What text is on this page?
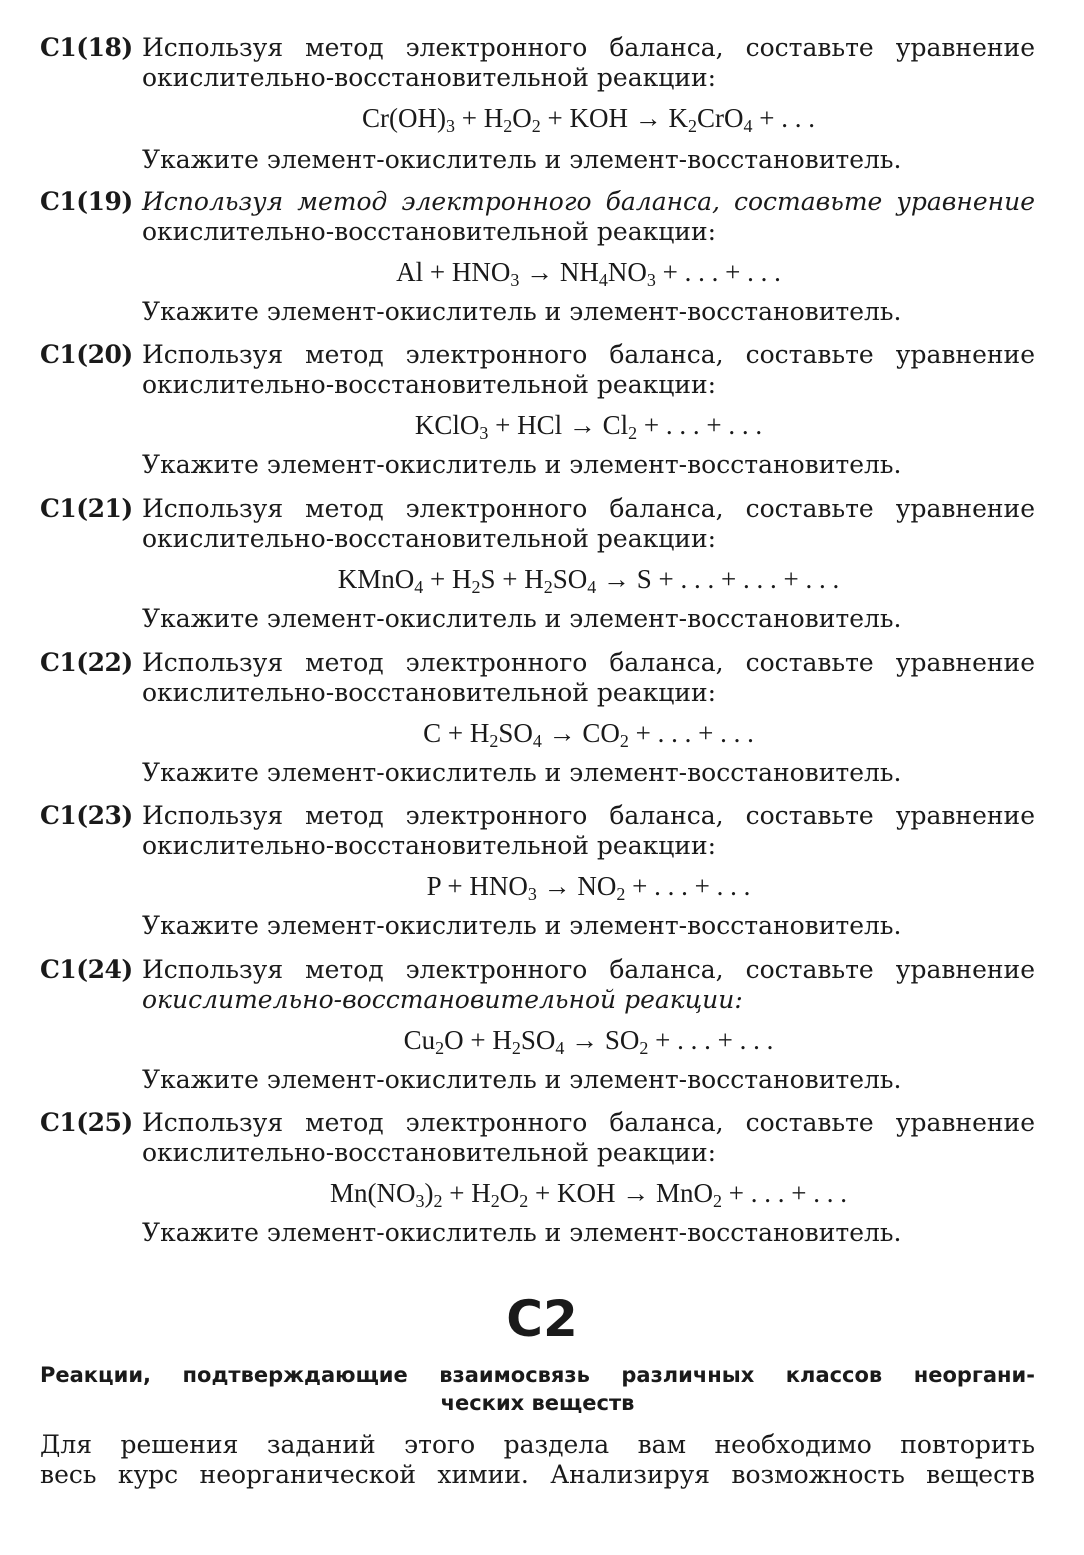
C1(18) Используя метод электронного баланса, составьте уравнение
окислительно-восстановительной реакции:
$Cr(OH)_3 + H_2O_2$ + KOH → $K_2CrO_4$ + . . .
Укажите элемент-окислитель и элемент-восстановитель.
C1(19) Используя метод электронного баланса, составьте уравнение
окислительно-восстановительной реакции:
$Al + HNO_3 \to NH_4NO_3$ + . . . + . . .
Укажите элемент-окислитель и элемент-восстановитель.
C1(20) Используя метод электронного баланса, составьте уравнение
окислительно-восстановительной реакции:
KClO$_3$ + HCl → $Cl_2$ + . . . + . . .
Укажите элемент-окислитель и элемент-восстановитель.
C1(21) Используя метод электронного баланса, составьте уравнение
окислительно-восстановительной реакции:
KMnO$_4$ + $H_2S + H_2SO_4 \to S$ + . . . + . . . + . . .
Укажите элемент-окислитель и элемент-восстановитель.
C1(22) Используя метод электронного баланса, составьте уравнение
окислительно-восстановительной реакции:
$C + H_2SO_4 \to CO_2$ + . . . + . . .
Укажите элемент-окислитель и элемент-восстановитель.
C1(23) Используя метод электронного баланса, составьте уравнение
окислительно-восстановительной реакции:
$P + HNO_3 \to NO_2$ + . . . + . . .
Укажите элемент-окислитель и элемент-восстановитель.
C1(24) Используя метод электронного баланса, составьте уравнение
окислительно-восстановительной реакции:
$Cu_2O + H_2SO_4 \to SO_2$ + . . . + . . .
Укажите элемент-окислитель и элемент-восстановитель.
C1(25) Используя метод электронного баланса, составьте уравнение
окислительно-восстановительной реакции:
$Mn(NO_3)_2 + H_2O_2$ + KOH → MnO$_2$ + . . . + . . .
Укажите элемент-окислитель и элемент-восстановитель.
C2
Реакции, подтверждающие взаимосвязь различных классов неоргани-
ческих веществ
Для решения заданий этого раздела вам необходимо повторить
весь курс неорганической химии. Анализируя возможность веществ
